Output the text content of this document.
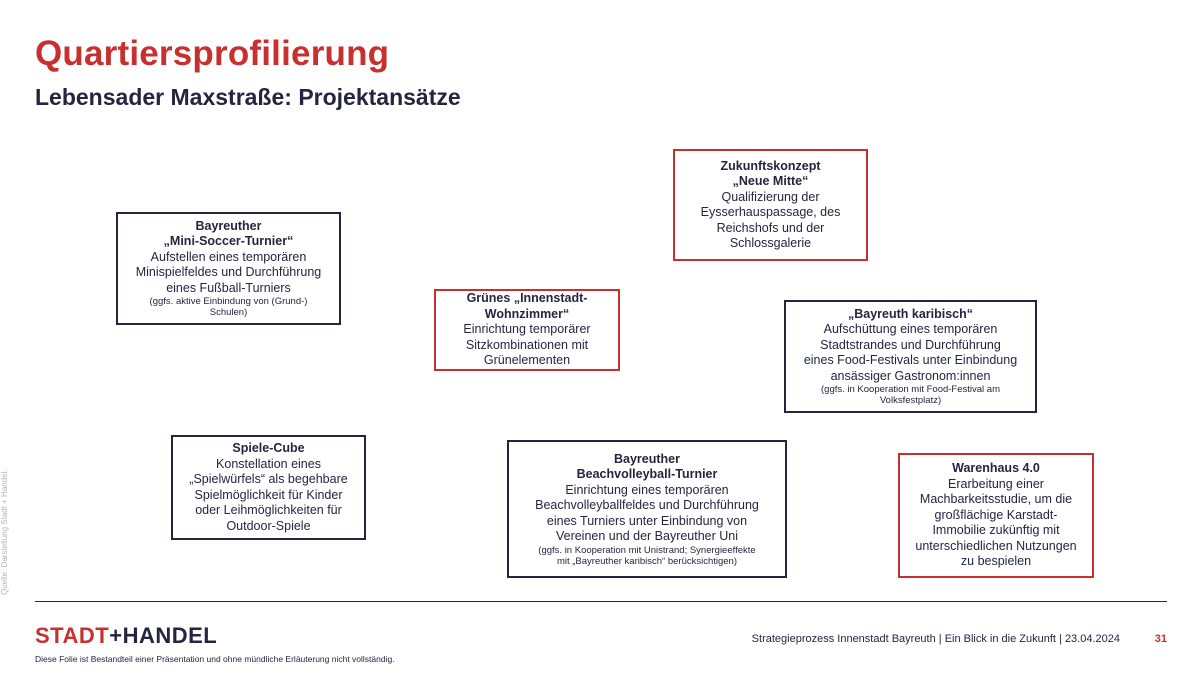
Quartiersprofilierung
Lebensader Maxstraße: Projektansätze
Zukunftskonzept
„Neue Mitte“
Qualifizierung der
Eysserhauspassage, des
Reichshofs und der
Schlossgalerie
Bayreuther
„Mini-Soccer-Turnier“
Aufstellen eines temporären
Minispielfeldes und Durchführung
eines Fußball-Turniers
(ggfs. aktive Einbindung von (Grund-)
Schulen)
Grünes „Innenstadt-
Wohnzimmer“
Einrichtung temporärer
Sitzkombinationen mit
Grünelementen
„Bayreuth karibisch“
Aufschüttung eines temporären
Stadtstrandes und Durchführung
eines Food-Festivals unter Einbindung
ansässiger Gastronom:innen
(ggfs. in Kooperation mit Food-Festival am
Volksfestplatz)
Spiele-Cube
Konstellation eines
„Spielwürfels“ als begehbare
Spielmöglichkeit für Kinder
oder Leihmöglichkeiten für
Outdoor-Spiele
Bayreuther
Beachvolleyball-Turnier
Einrichtung eines temporären
Beachvolleyballfeldes und Durchführung
eines Turniers unter Einbindung von
Vereinen und der Bayreuther Uni
(ggfs. in Kooperation mit Unistrand; Synergieeffekte
mit „Bayreuther karibisch“ berücksichtigen)
Warenhaus 4.0
Erarbeitung einer
Machbarkeitsstudie, um die
großflächige Karstadt-
Immobilie zukünftig mit
unterschiedlichen Nutzungen
zu bespielen
Quelle: Darstellung Stadt + Handel.
STADT+HANDEL
Diese Folie ist Bestandteil einer Präsentation und ohne mündliche Erläuterung nicht vollständig.
Strategieprozess Innenstadt Bayreuth | Ein Blick in die Zukunft | 23.04.2024	31
